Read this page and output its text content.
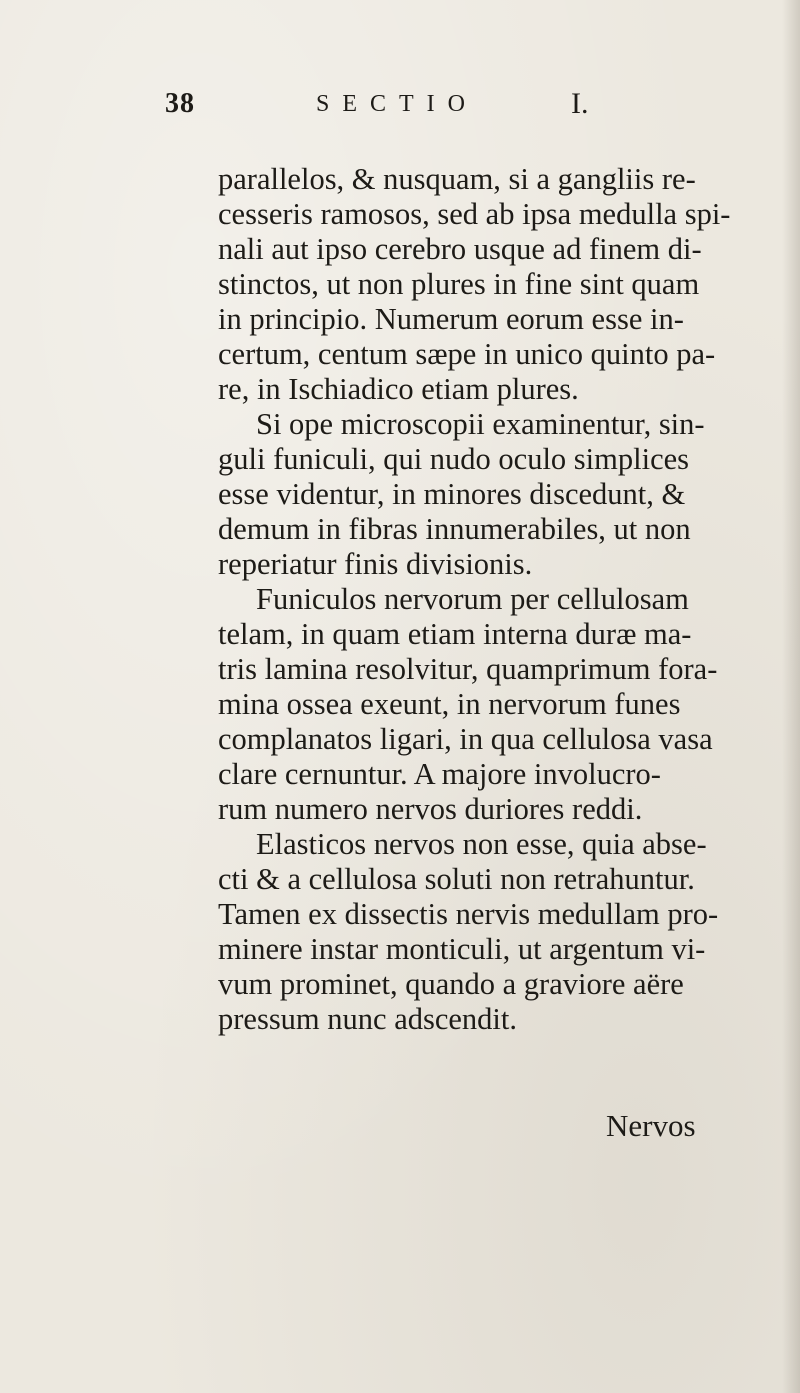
38	SECTIO	I.
parallelos, & nusquam, si a gangliis re-
cesseris ramosos, sed ab ipsa medulla spi-
nali aut ipso cerebro usque ad finem di-
stinctos, ut non plures in fine sint quam
in principio. Numerum eorum esse in-
certum, centum sæpe in unico quinto pa-
re, in Ischiadico etiam plures.
Si ope microscopii examinentur, sin-
guli funiculi, qui nudo oculo simplices
esse videntur, in minores discedunt, &
demum in fibras innumerabiles, ut non
reperiatur finis divisionis.
Funiculos nervorum per cellulosam
telam, in quam etiam interna duræ ma-
tris lamina resolvitur, quamprimum fora-
mina ossea exeunt, in nervorum funes
complanatos ligari, in qua cellulosa vasa
clare cernuntur. A majore involucro-
rum numero nervos duriores reddi.
Elasticos nervos non esse, quia abse-
cti & a cellulosa soluti non retrahuntur.
Tamen ex dissectis nervis medullam pro-
minere instar monticuli, ut argentum vi-
vum prominet, quando a graviore aëre
pressum nunc adscendit.
Nervos
